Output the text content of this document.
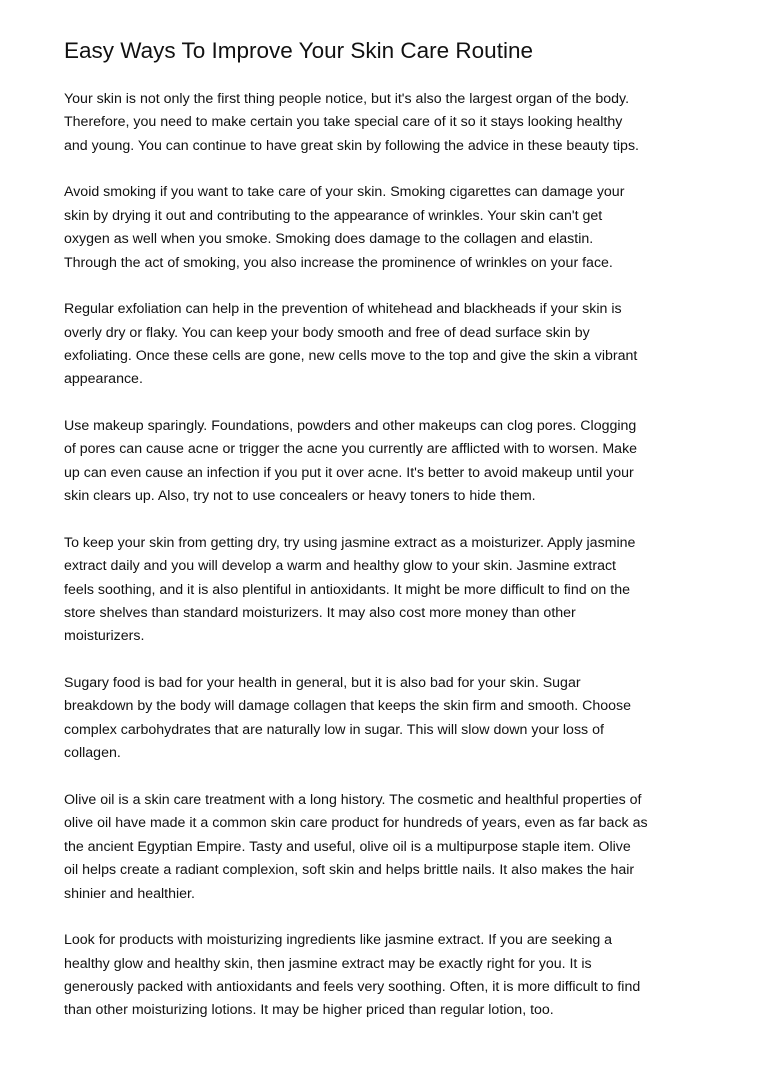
Easy Ways To Improve Your Skin Care Routine

Your skin is not only the first thing people notice, but it's also the largest organ of the body.
Therefore, you need to make certain you take special care of it so it stays looking healthy
and young. You can continue to have great skin by following the advice in these beauty tips.

Avoid smoking if you want to take care of your skin. Smoking cigarettes can damage your
skin by drying it out and contributing to the appearance of wrinkles. Your skin can't get
oxygen as well when you smoke. Smoking does damage to the collagen and elastin.
Through the act of smoking, you also increase the prominence of wrinkles on your face.

Regular exfoliation can help in the prevention of whitehead and blackheads if your skin is
overly dry or flaky. You can keep your body smooth and free of dead surface skin by
exfoliating. Once these cells are gone, new cells move to the top and give the skin a vibrant
appearance.

Use makeup sparingly. Foundations, powders and other makeups can clog pores. Clogging
of pores can cause acne or trigger the acne you currently are afflicted with to worsen. Make
up can even cause an infection if you put it over acne. It's better to avoid makeup until your
skin clears up. Also, try not to use concealers or heavy toners to hide them.

To keep your skin from getting dry, try using jasmine extract as a moisturizer. Apply jasmine
extract daily and you will develop a warm and healthy glow to your skin. Jasmine extract
feels soothing, and it is also plentiful in antioxidants. It might be more difficult to find on the
store shelves than standard moisturizers. It may also cost more money than other
moisturizers.

Sugary food is bad for your health in general, but it is also bad for your skin. Sugar
breakdown by the body will damage collagen that keeps the skin firm and smooth. Choose
complex carbohydrates that are naturally low in sugar. This will slow down your loss of
collagen.

Olive oil is a skin care treatment with a long history. The cosmetic and healthful properties of
olive oil have made it a common skin care product for hundreds of years, even as far back as
the ancient Egyptian Empire. Tasty and useful, olive oil is a multipurpose staple item. Olive
oil helps create a radiant complexion, soft skin and helps brittle nails. It also makes the hair
shinier and healthier.

Look for products with moisturizing ingredients like jasmine extract. If you are seeking a
healthy glow and healthy skin, then jasmine extract may be exactly right for you. It is
generously packed with antioxidants and feels very soothing. Often, it is more difficult to find
than other moisturizing lotions. It may be higher priced than regular lotion, too.
